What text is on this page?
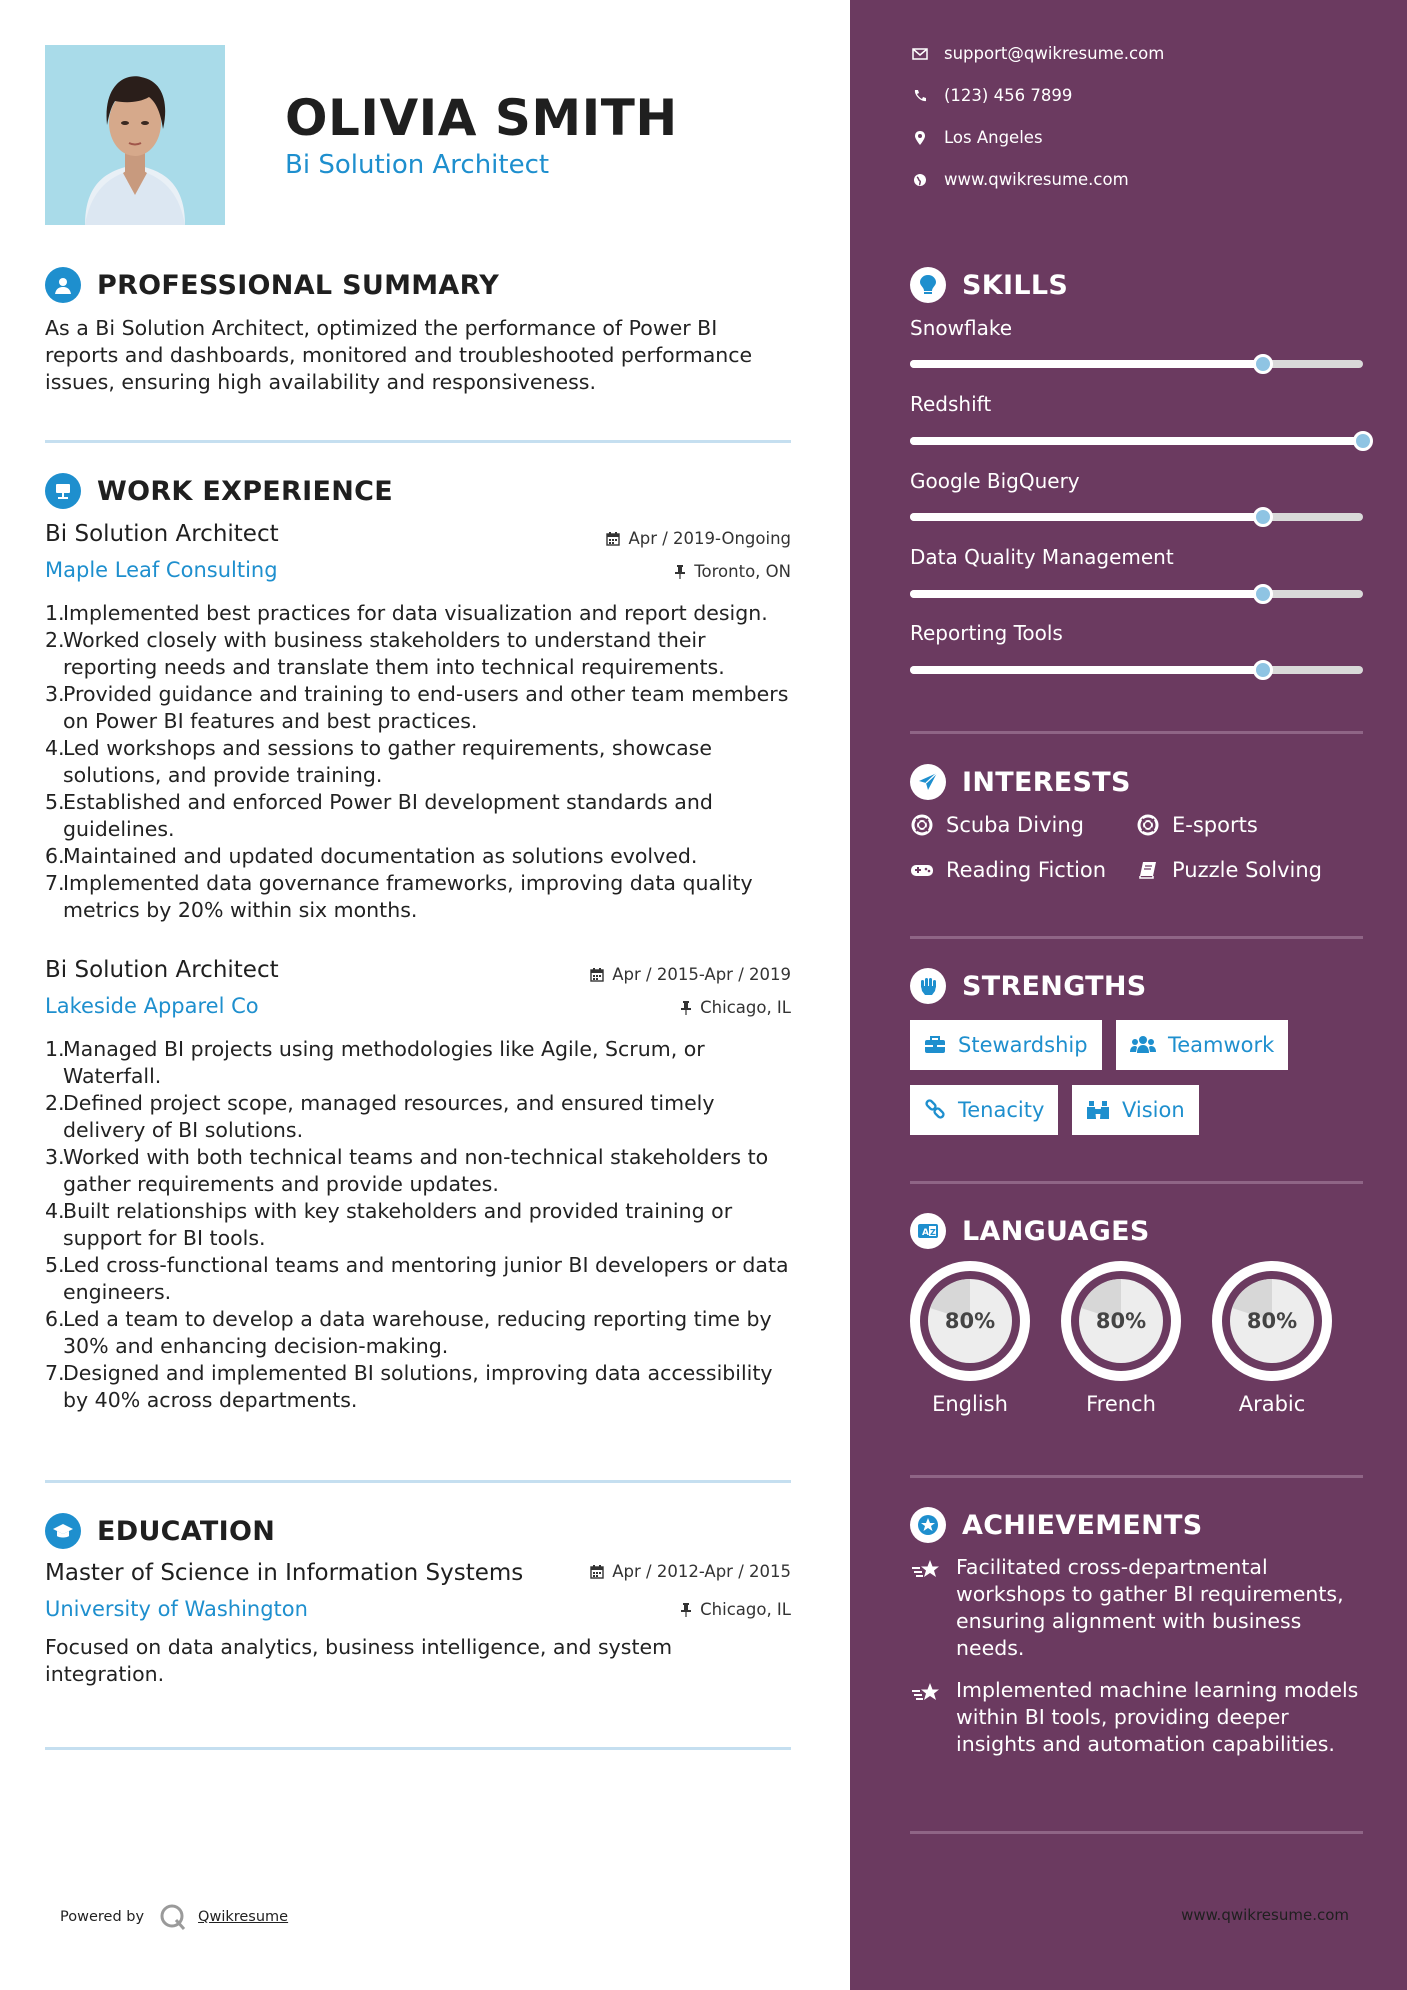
OLIVIA SMITH
Bi Solution Architect
PROFESSIONAL SUMMARY
As a Bi Solution Architect, optimized the performance of Power BI reports and dashboards, monitored and troubleshooted performance issues, ensuring high availability and responsiveness.
WORK EXPERIENCE
Bi Solution Architect	Apr / 2019-Ongoing
Maple Leaf Consulting	Toronto, ON
1.
Implemented best practices for data visualization and report design.
2.
Worked closely with business stakeholders to understand their reporting needs and translate them into technical requirements.
3.
Provided guidance and training to end-users and other team members on Power BI features and best practices.
4.
Led workshops and sessions to gather requirements, showcase solutions, and provide training.
5.
Established and enforced Power BI development standards and guidelines.
6.
Maintained and updated documentation as solutions evolved.
7.
Implemented data governance frameworks, improving data quality metrics by 20% within six months.
Bi Solution Architect	Apr / 2015-Apr / 2019
Lakeside Apparel Co	Chicago, IL
1.
Managed BI projects using methodologies like Agile, Scrum, or Waterfall.
2.
Defined project scope, managed resources, and ensured timely delivery of BI solutions.
3.
Worked with both technical teams and non-technical stakeholders to gather requirements and provide updates.
4.
Built relationships with key stakeholders and provided training or support for BI tools.
5.
Led cross-functional teams and mentoring junior BI developers or data engineers.
6.
Led a team to develop a data warehouse, reducing reporting time by 30% and enhancing decision-making.
7.
Designed and implemented BI solutions, improving data accessibility by 40% across departments.
EDUCATION
Master of Science in Information Systems	Apr / 2012-Apr / 2015
University of Washington	Chicago, IL
Focused on data analytics, business intelligence, and system integration.
Powered by	Qwikresume
support@qwikresume.com
(123) 456 7899
Los Angeles
www.qwikresume.com
SKILLS
Snowflake
Redshift
Google BigQuery
Data Quality Management
Reporting Tools
INTERESTS
Scuba Diving	E-sports
Reading Fiction	Puzzle Solving
STRENGTHS
Stewardship	Teamwork
Tenacity	Vision
A Z LANGUAGES
80%
English
80%
French
80%
Arabic
ACHIEVEMENTS
Facilitated cross-departmental workshops to gather BI requirements, ensuring alignment with business needs.
Implemented machine learning models within BI tools, providing deeper insights and automation capabilities.
www.qwikresume.com
